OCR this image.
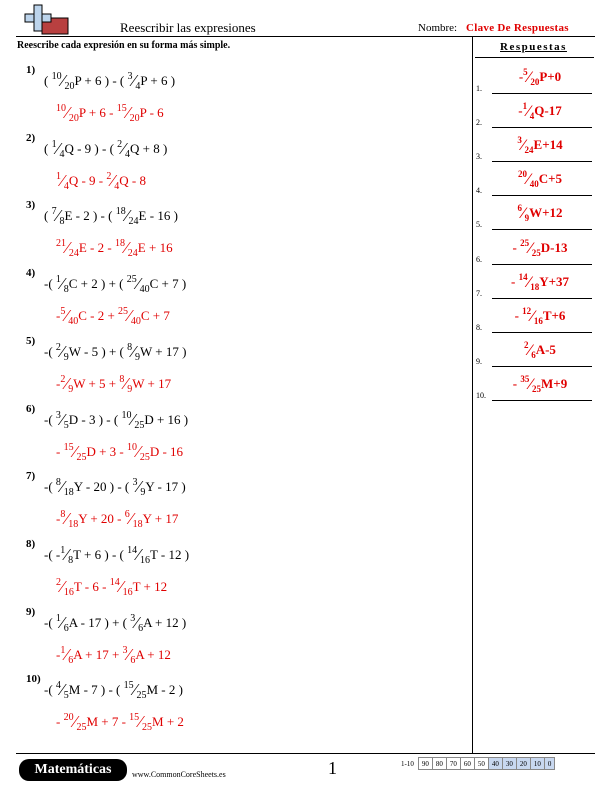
Reescribir las expresiones	Nombre: Clave De Respuestas
Reescribe cada expresión en su forma más simple.	Respuestas
1)
( $^{10}⁄_{20}P + 6$ ) - ( $^3⁄_4P + 6$ )
$^{10}⁄_{20}P + 6$ - $^{15}⁄_{20}P - 6$
2)
( $^1⁄_4Q - 9$ ) - ( $^2⁄_4Q + 8$ )
$^1⁄_4Q - 9$ - $^2⁄_4Q - 8$
3)
( $^7⁄_8E - 2$ ) - ( $^{18}⁄_{24}E - 16$ )
$^{21}⁄_{24}E - 2$ - $^{18}⁄_{24}E + 16$
4)
-( $^1⁄_8C + 2$ ) + ( $^{25}⁄_{40}C + 7$ )
$-^5⁄_{40}C - 2$ + $^{25}⁄_{40}C + 7$
5)
-( $^2⁄_9W - 5$ ) + ( $^8⁄_9W + 17$ )
$-^2⁄_9W + 5$ + $^8⁄_9W + 17$
6)
-( $^3⁄_5D - 3$ ) - ( $^{10}⁄_{25}D + 16$ )
- $^{15}⁄_{25}D + 3$ - $^{10}⁄_{25}D - 16$
7)
-( $^8⁄_{18}Y - 20$ ) - ( $^3⁄_9Y - 17$ )
$-^8⁄_{18}Y + 20$ - $^6⁄_{18}Y + 17$
8)
-( $-^1⁄_8T + 6$ ) - ( $^{14}⁄_{16}T - 12$ )
$^2⁄_{16}T - 6$ - $^{14}⁄_{16}T + 12$
9)
-( $^1⁄_6A - 17$ ) + ( $^3⁄_6A + 12$ )
$-^1⁄_6A + 17$ + $^3⁄_6A + 12$
10)
-( $^4⁄_5M - 7$ ) - ( $^{15}⁄_{25}M - 2$ )
- $^{20}⁄_{25}M + 7$ - $^{15}⁄_{25}M + 2$
1.
$-^5⁄_{20}P+0$
2.
$-^1⁄_4Q-17$
3.
$^3⁄_{24}E+14$
4.
$^{20}⁄_{40}C+5$
5.
$^6⁄_9W+12$
6.
- $^{25}⁄_{25}D-13$
7.
- $^{14}⁄_{18}Y+37$
8.
- $^{12}⁄_{16}T+6$
9.
$^2⁄_6A-5$
10.
- $^{35}⁄_{25}M+9$
Matemáticas	www.CommonCoreSheets.es	1	1-10	90	80	70	60	50	40	30	20	10	0
